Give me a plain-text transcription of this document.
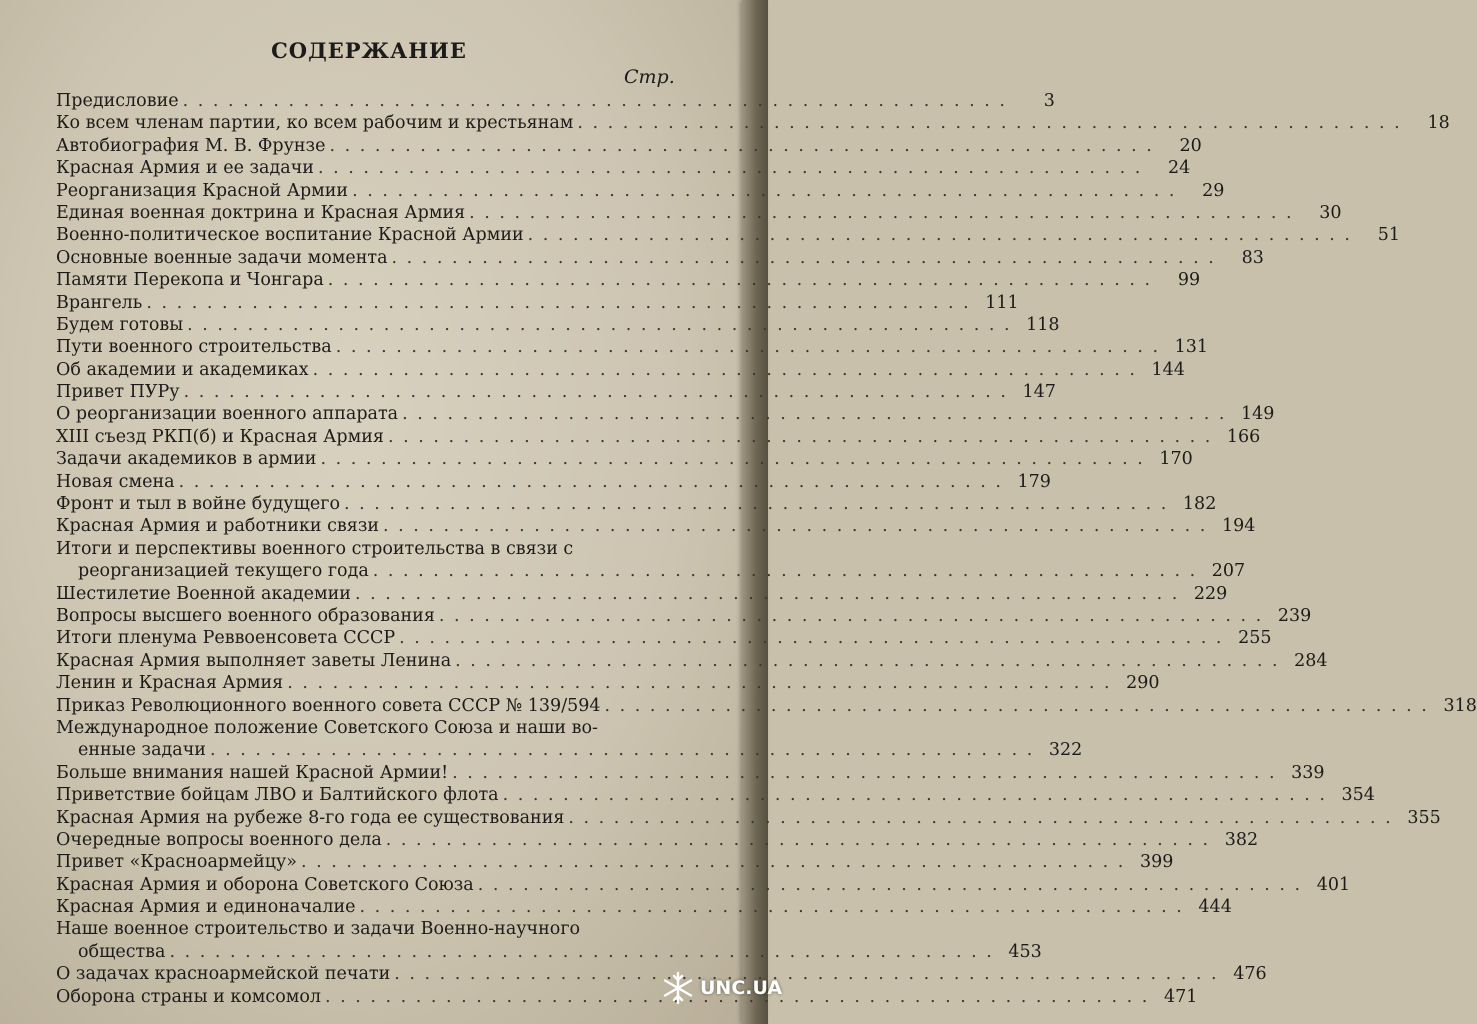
СОДЕРЖАНИЕ
Стр.
Предисловие . . .	3
Ко всем членам партии, ко всем рабочим и крестьянам . . .	18
Автобиография М. В. Фрунзе . . .	20
Красная Армия и ее задачи . . .	24
Реорганизация Красной Армии . . .	29
Единая военная доктрина и Красная Армия . . .	30
Военно-политическое воспитание Красной Армии . . .	51
Основные военные задачи момента . . .	83
Памяти Перекопа и Чонгара . . .	99
Врангель . . .	111
Будем готовы . . .	118
Пути военного строительства . . .	131
Об академии и академиках . . .	144
Привет ПУРу . . .	147
О реорганизации военного аппарата . . .	149
XIII съезд РКП(б) и Красная Армия . . .	166
Задачи академиков в армии . . .	170
Новая смена . . .	179
Фронт и тыл в войне будущего . . .	182
Красная Армия и работники связи . . .	194
Итоги и перспективы военного строительства в связи с
реорганизацией текущего года . . .	207
Шестилетие Военной академии . . .	229
Вопросы высшего военного образования . . .	239
Итоги пленума Реввоенсовета СССР . . .	255
Красная Армия выполняет заветы Ленина . . .	284
Ленин и Красная Армия . . .	290
Приказ Революционного военного совета СССР № 139/594 . . .	318
Международное положение Советского Союза и наши во-
енные задачи . . .	322
Больше внимания нашей Красной Армии! . . .	339
Приветствие бойцам ЛВО и Балтийского флота . . .	354
Красная Армия на рубеже 8-го года ее существования . . .	355
Очередные вопросы военного дела . . .	382
Привет «Красноармейцу» . . .	399
Красная Армия и оборона Советского Союза . . .	401
Красная Армия и единоначалие . . .	444
Наше военное строительство и задачи Военно-научного
общества . . .	453
О задачах красноармейской печати . . .	476
Оборона страны и комсомол . . .	471
UNC.UA
